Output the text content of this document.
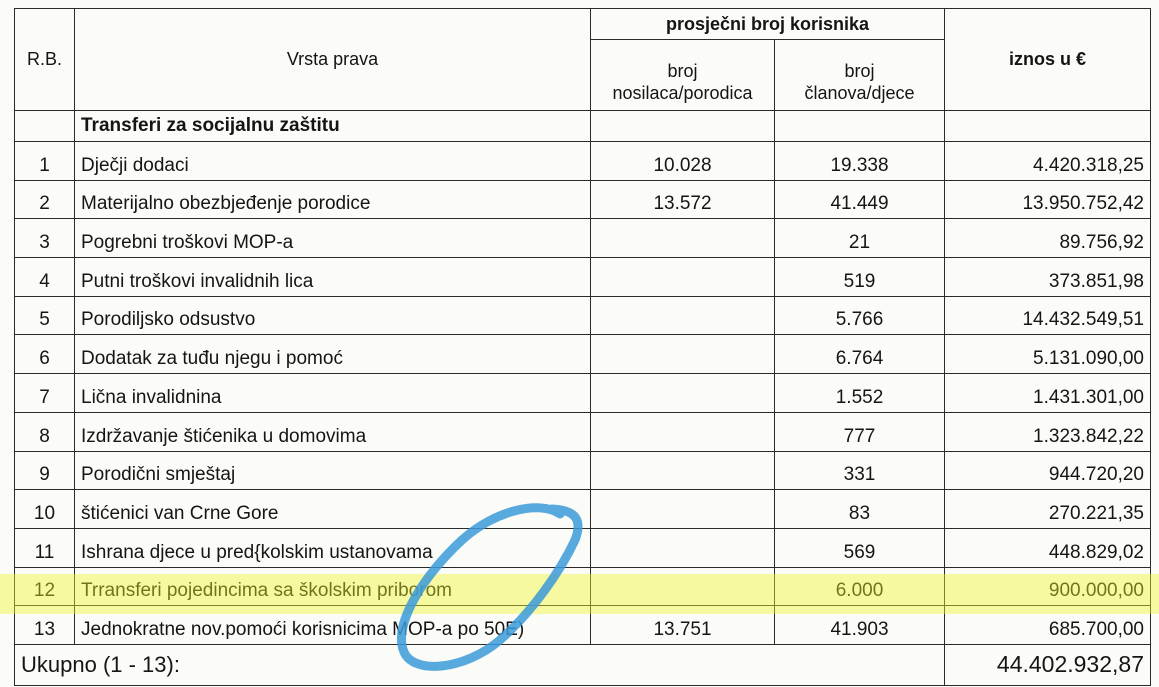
R.B.	Vrsta prava	prosječni broj korisnika		iznos u €

		broj nosilaca/porodica	broj članova/djece	

	Transferi za socijalnu zaštitu			
1	Dječji dodaci	10.028	19.338	4.420.318,25
2	Materijalno obezbjeđenje porodice	13.572	41.449	13.950.752,42
3	Pogrebni troškovi MOP-a		21	89.756,92
4	Putni troškovi invalidnih lica		519	373.851,98
5	Porodiljsko odsustvo		5.766	14.432.549,51
6	Dodatak za tuđu njegu i pomoć		6.764	5.131.090,00
7	Lična invalidnina		1.552	1.431.301,00
8	Izdržavanje štićenika u domovima		777	1.323.842,22
9	Porodični smještaj		331	944.720,20
10	štićenici van Crne Gore		83	270.221,35
11	Ishrana djece u pred{kolskim ustanovama		569	448.829,02
12	Trransferi pojedincima sa školskim priborom		6.000	900.000,00
13	Jednokratne nov.pomoći korisnicima MOP-a po 50E)	13.751	41.903	685.700,00
Ukupno (1 - 13):				44.402.932,87
